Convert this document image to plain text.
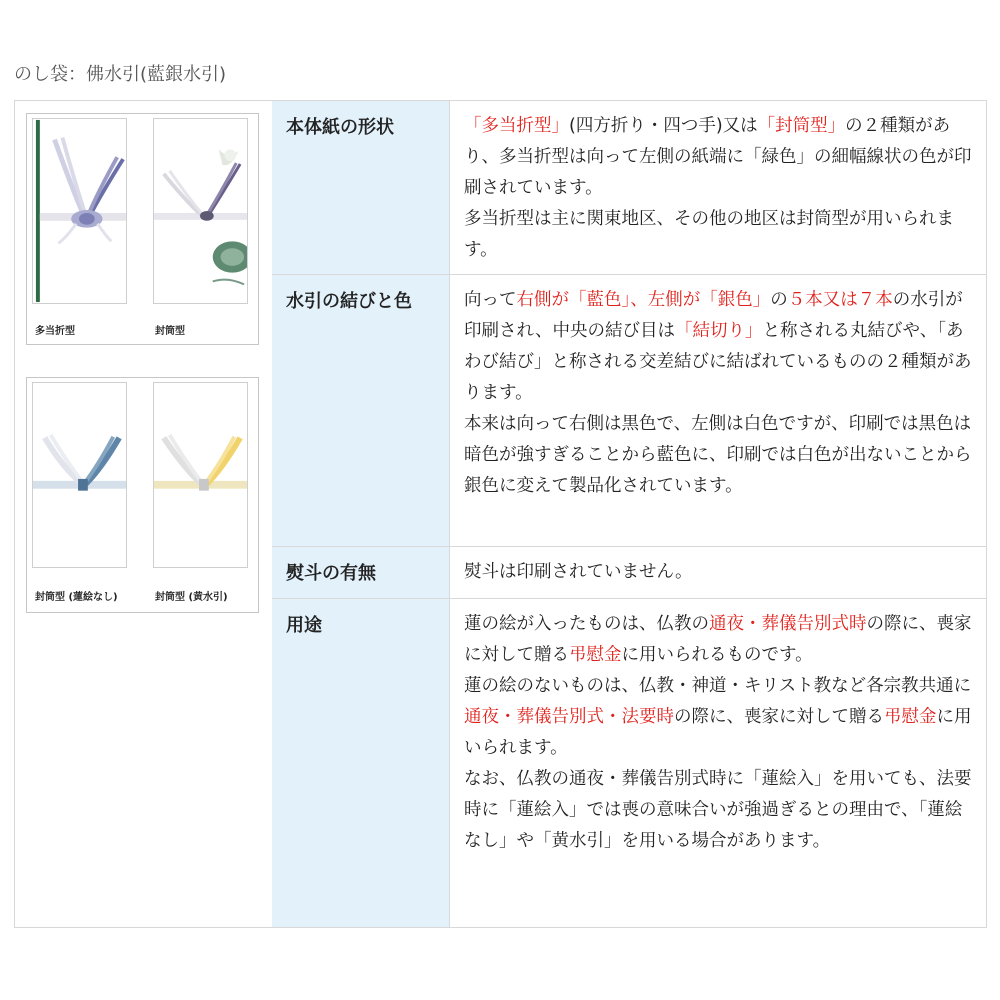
のし袋：佛水引(藍銀水引)
多当折型	封筒型
封筒型 (蓮絵なし)	封筒型 (黄水引)
本体紙の形状	「多当折型」(四方折り・四つ手)又は「封筒型」の２種類があり、多当折型は向って左側の紙端に「緑色」の細幅線状の色が印刷されています。

多当折型は主に関東地区、その他の地区は封筒型が用いられます。

水引の結びと色	向って右側が「藍色」、左側が「銀色」の５本又は７本の水引が印刷され、中央の結び目は「結切り」と称される丸結びや、「あわび結び」と称される交差結びに結ばれているものの２種類があります。

本来は向って右側は黒色で、左側は白色ですが、印刷では黒色は暗色が強すぎることから藍色に、印刷では白色が出ないことから銀色に変えて製品化されています。

熨斗の有無	熨斗は印刷されていません。

用途	蓮の絵が入ったものは、仏教の通夜・葬儀告別式時の際に、喪家に対して贈る弔慰金に用いられるものです。

蓮の絵のないものは、仏教・神道・キリスト教など各宗教共通に通夜・葬儀告別式・法要時の際に、喪家に対して贈る弔慰金に用いられます。

なお、仏教の通夜・葬儀告別式時に「蓮絵入」を用いても、法要時に「蓮絵入」では喪の意味合いが強過ぎるとの理由で、「蓮絵なし」や「黄水引」を用いる場合があります。
